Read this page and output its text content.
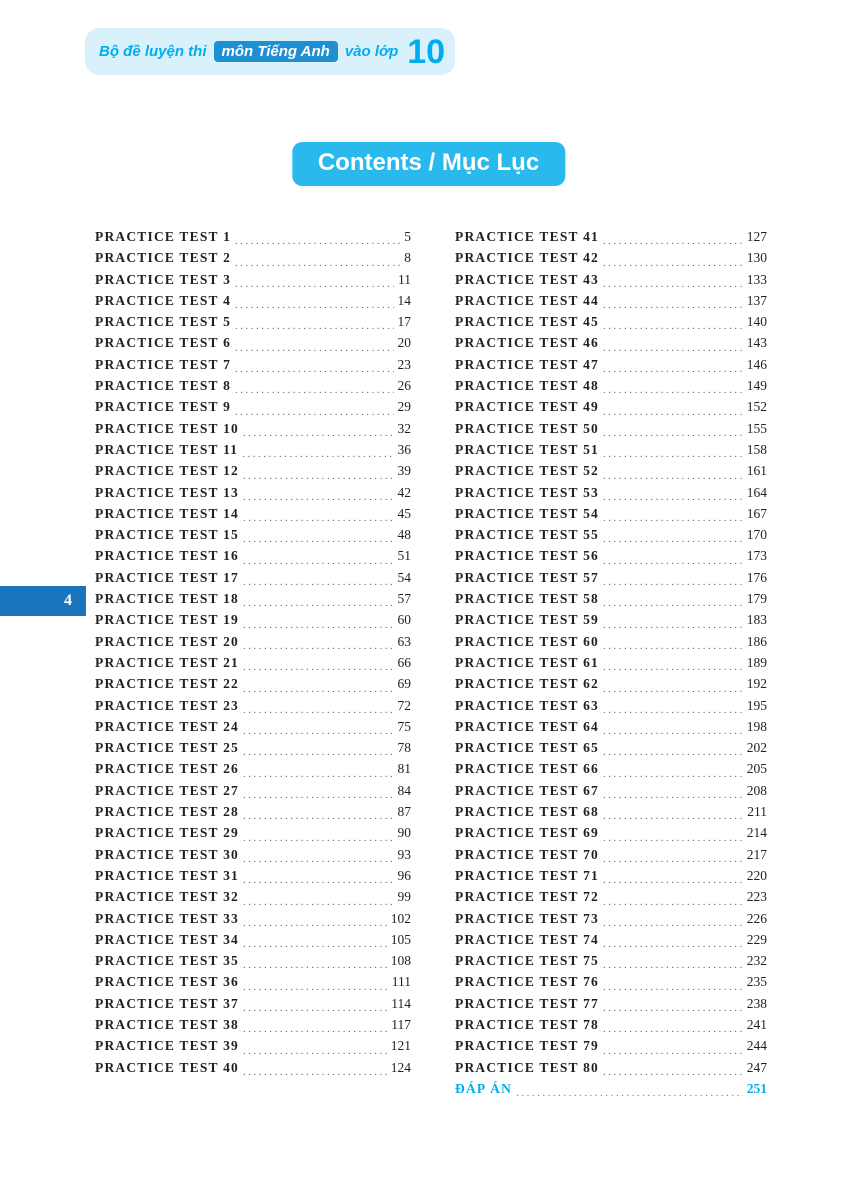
Bộ đề luyện thi	môn Tiếng Anh	vào lớp 10
Contents / Mục Lục
4
PRACTICE TEST 1 .....	5
PRACTICE TEST 2 .....	8
PRACTICE TEST 3 .....	11
PRACTICE TEST 4 .....	14
PRACTICE TEST 5 .....	17
PRACTICE TEST 6 .....	20
PRACTICE TEST 7 .....	23
PRACTICE TEST 8 .....	26
PRACTICE TEST 9 .....	29
PRACTICE TEST 10 .....	32
PRACTICE TEST 11 .....	36
PRACTICE TEST 12 .....	39
PRACTICE TEST 13 .....	42
PRACTICE TEST 14 .....	45
PRACTICE TEST 15 .....	48
PRACTICE TEST 16 .....	51
PRACTICE TEST 17 .....	54
PRACTICE TEST 18 .....	57
PRACTICE TEST 19 .....	60
PRACTICE TEST 20 .....	63
PRACTICE TEST 21 .....	66
PRACTICE TEST 22 .....	69
PRACTICE TEST 23 .....	72
PRACTICE TEST 24 .....	75
PRACTICE TEST 25 .....	78
PRACTICE TEST 26 .....	81
PRACTICE TEST 27 .....	84
PRACTICE TEST 28 .....	87
PRACTICE TEST 29 .....	90
PRACTICE TEST 30 .....	93
PRACTICE TEST 31 .....	96
PRACTICE TEST 32 .....	99
PRACTICE TEST 33 .....	102
PRACTICE TEST 34 .....	105
PRACTICE TEST 35 .....	108
PRACTICE TEST 36 .....	111
PRACTICE TEST 37 .....	114
PRACTICE TEST 38 .....	117
PRACTICE TEST 39 .....	121
PRACTICE TEST 40 .....	124
PRACTICE TEST 41 .....	127
PRACTICE TEST 42 .....	130
PRACTICE TEST 43 .....	133
PRACTICE TEST 44 .....	137
PRACTICE TEST 45 .....	140
PRACTICE TEST 46 .....	143
PRACTICE TEST 47 .....	146
PRACTICE TEST 48 .....	149
PRACTICE TEST 49 .....	152
PRACTICE TEST 50 .....	155
PRACTICE TEST 51 .....	158
PRACTICE TEST 52 .....	161
PRACTICE TEST 53 .....	164
PRACTICE TEST 54 .....	167
PRACTICE TEST 55 .....	170
PRACTICE TEST 56 .....	173
PRACTICE TEST 57 .....	176
PRACTICE TEST 58 .....	179
PRACTICE TEST 59 .....	183
PRACTICE TEST 60 .....	186
PRACTICE TEST 61 .....	189
PRACTICE TEST 62 .....	192
PRACTICE TEST 63 .....	195
PRACTICE TEST 64 .....	198
PRACTICE TEST 65 .....	202
PRACTICE TEST 66 .....	205
PRACTICE TEST 67 .....	208
PRACTICE TEST 68 .....	211
PRACTICE TEST 69 .....	214
PRACTICE TEST 70 .....	217
PRACTICE TEST 71 .....	220
PRACTICE TEST 72 .....	223
PRACTICE TEST 73 .....	226
PRACTICE TEST 74 .....	229
PRACTICE TEST 75 .....	232
PRACTICE TEST 76 .....	235
PRACTICE TEST 77 .....	238
PRACTICE TEST 78 .....	241
PRACTICE TEST 79 .....	244
PRACTICE TEST 80 .....	247
ĐÁP ÁN .....	251
